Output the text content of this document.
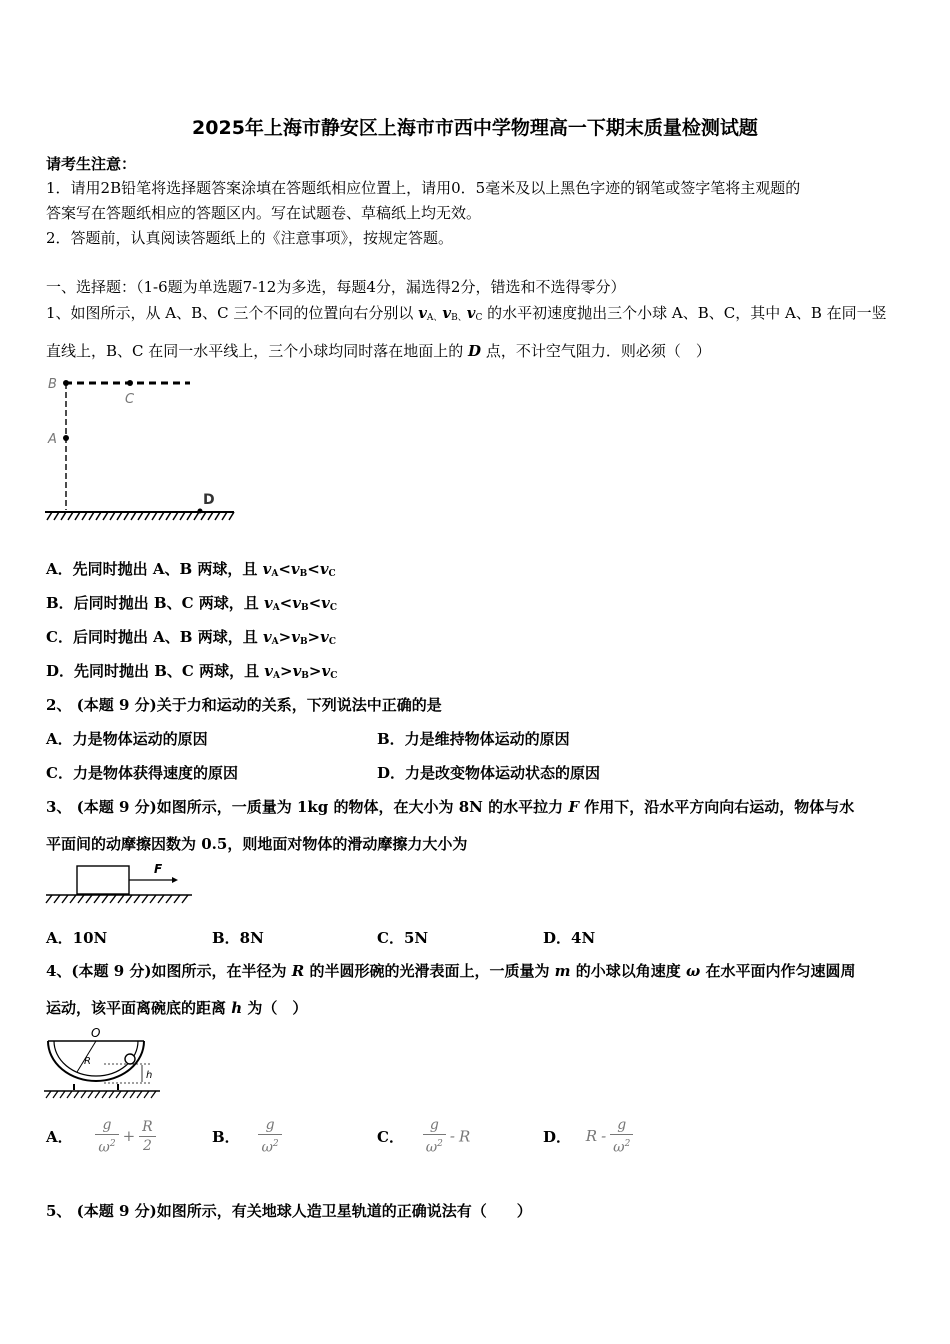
2025年上海市静安区上海市市西中学物理高一下期末质量检测试题
请考生注意：
1．请用2B铅笔将选择题答案涂填在答题纸相应位置上，请用0．5毫米及以上黑色字迹的钢笔或签字笔将主观题的
答案写在答题纸相应的答题区内。写在试题卷、草稿纸上均无效。
2．答题前，认真阅读答题纸上的《注意事项》，按规定答题。
一、选择题：（1-6题为单选题7-12为多选，每题4分，漏选得2分，错选和不选得零分）
1、如图所示，从 A、B、C 三个不同的位置向右分别以 $v_{A、}v_{B、}v_C$ 的水平初速度抛出三个小球 A、B、C，其中 A、B 在同一竖
直线上，B、C 在同一水平线上，三个小球均同时落在地面上的 D 点，不计空气阻力．则必须（　）
B
C
A
D
A．先同时抛出 A、B 两球，且 $v_A<v_B<v_C$
B．后同时抛出 B、C 两球，且 $v_A<v_B<v_C$
C．后同时抛出 A、B 两球，且 $v_A>v_B>v_C$
D．先同时抛出 B、C 两球，且 $v_A>v_B>v_C$
2、 (本题 9 分)关于力和运动的关系，下列说法中正确的是
A．力是物体运动的原因	B．力是维持物体运动的原因
C．力是物体获得速度的原因	D．力是改变物体运动状态的原因
3、 (本题 9 分)如图所示，一质量为 1kg 的物体，在大小为 8N 的水平拉力 F 作用下，沿水平方向向右运动，物体与水
平面间的动摩擦因数为 0.5，则地面对物体的滑动摩擦力大小为
F
A．10N	B．8N	C．5N	D．4N
4、(本题 9 分)如图所示，在半径为 R 的半圆形碗的光滑表面上，一质量为 m 的小球以角速度 ω 在水平面内作匀速圆周
运动，该平面离碗底的距离 h 为（　）
O
R
h
A． $\frac{g}{\omega^2} + \frac{R}{2}$	B． $\frac{g}{\omega^2}$	C． $\frac{g}{\omega^2}$ - R	D． R - $\frac{g}{\omega^2}$
5、 (本题 9 分)如图所示，有关地球人造卫星轨道的正确说法有（　　）
